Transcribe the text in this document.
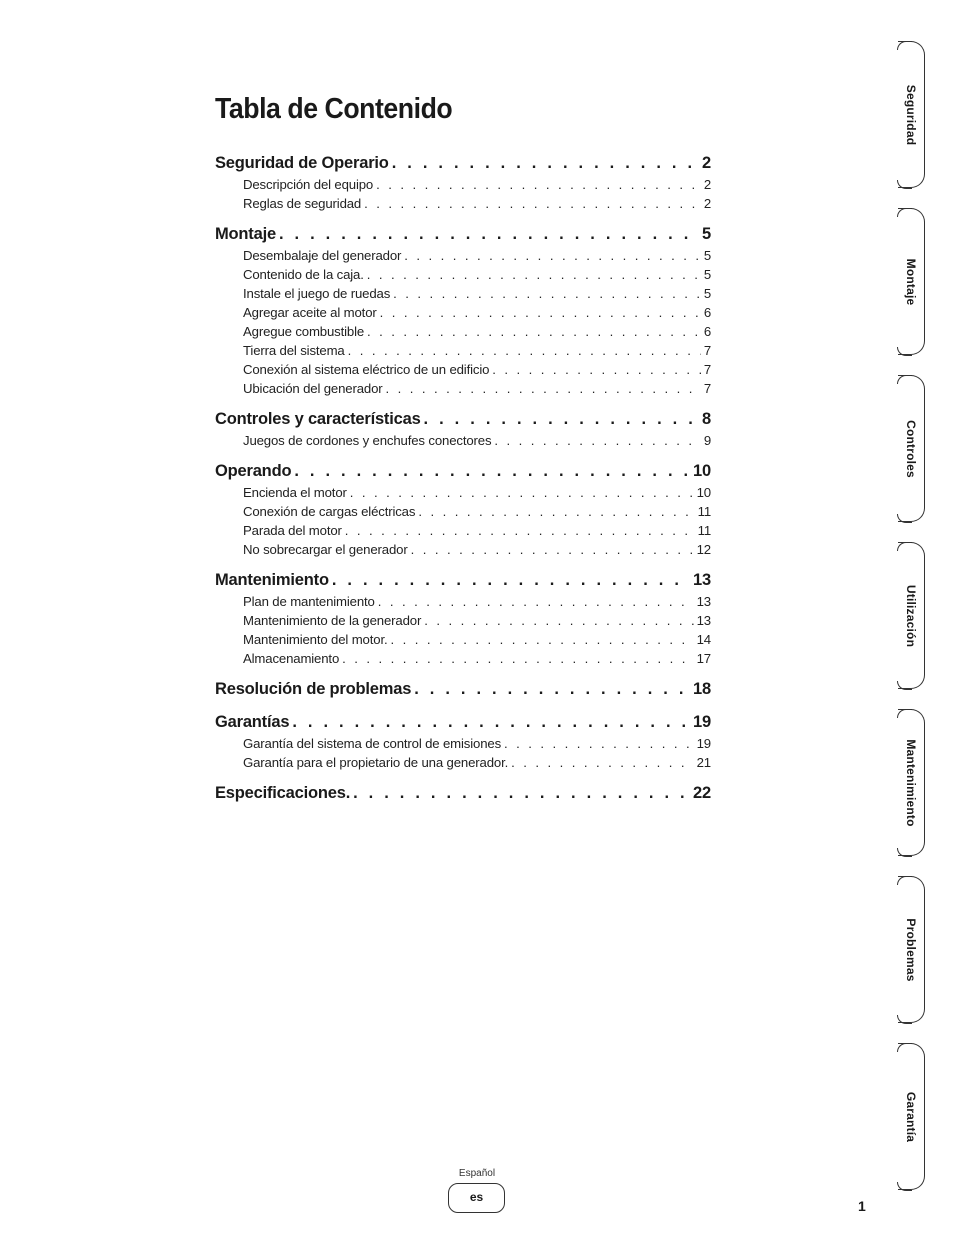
Tabla de Contenido
Seguridad de Operario . . .	2
Descripción del equipo . . .	2
Reglas de seguridad . . .	2
Montaje . . .	5
Desembalaje del generador . . .	5
Contenido de la caja. . . .	5
Instale el juego de ruedas . . .	5
Agregar aceite al motor . . .	6
Agregue combustible . . .	6
Tierra del sistema . . .	7
Conexión al sistema eléctrico de un edificio . . .	7
Ubicación del generador . . .	7
Controles y características . . .	8
Juegos de cordones y enchufes conectores . . .	9
Operando . . .	10
Encienda el motor . . .	10
Conexión de cargas eléctricas . . .	11
Parada del motor . . .	11
No sobrecargar el generador . . .	12
Mantenimiento . . .	13
Plan de mantenimiento . . .	13
Mantenimiento de la generador . . .	13
Mantenimiento del motor. . . .	14
Almacenamiento . . .	17
Resolución de problemas . . .	18
Garantías . . .	19
Garantía del sistema de control de emisiones . . .	19
Garantía para el propietario de una generador. . . .	21
Especificaciones. . . .	22
Seguridad
Montaje
Controles
Utilización
Mantenimiento
Problemas
Garantía
Español
es
1
